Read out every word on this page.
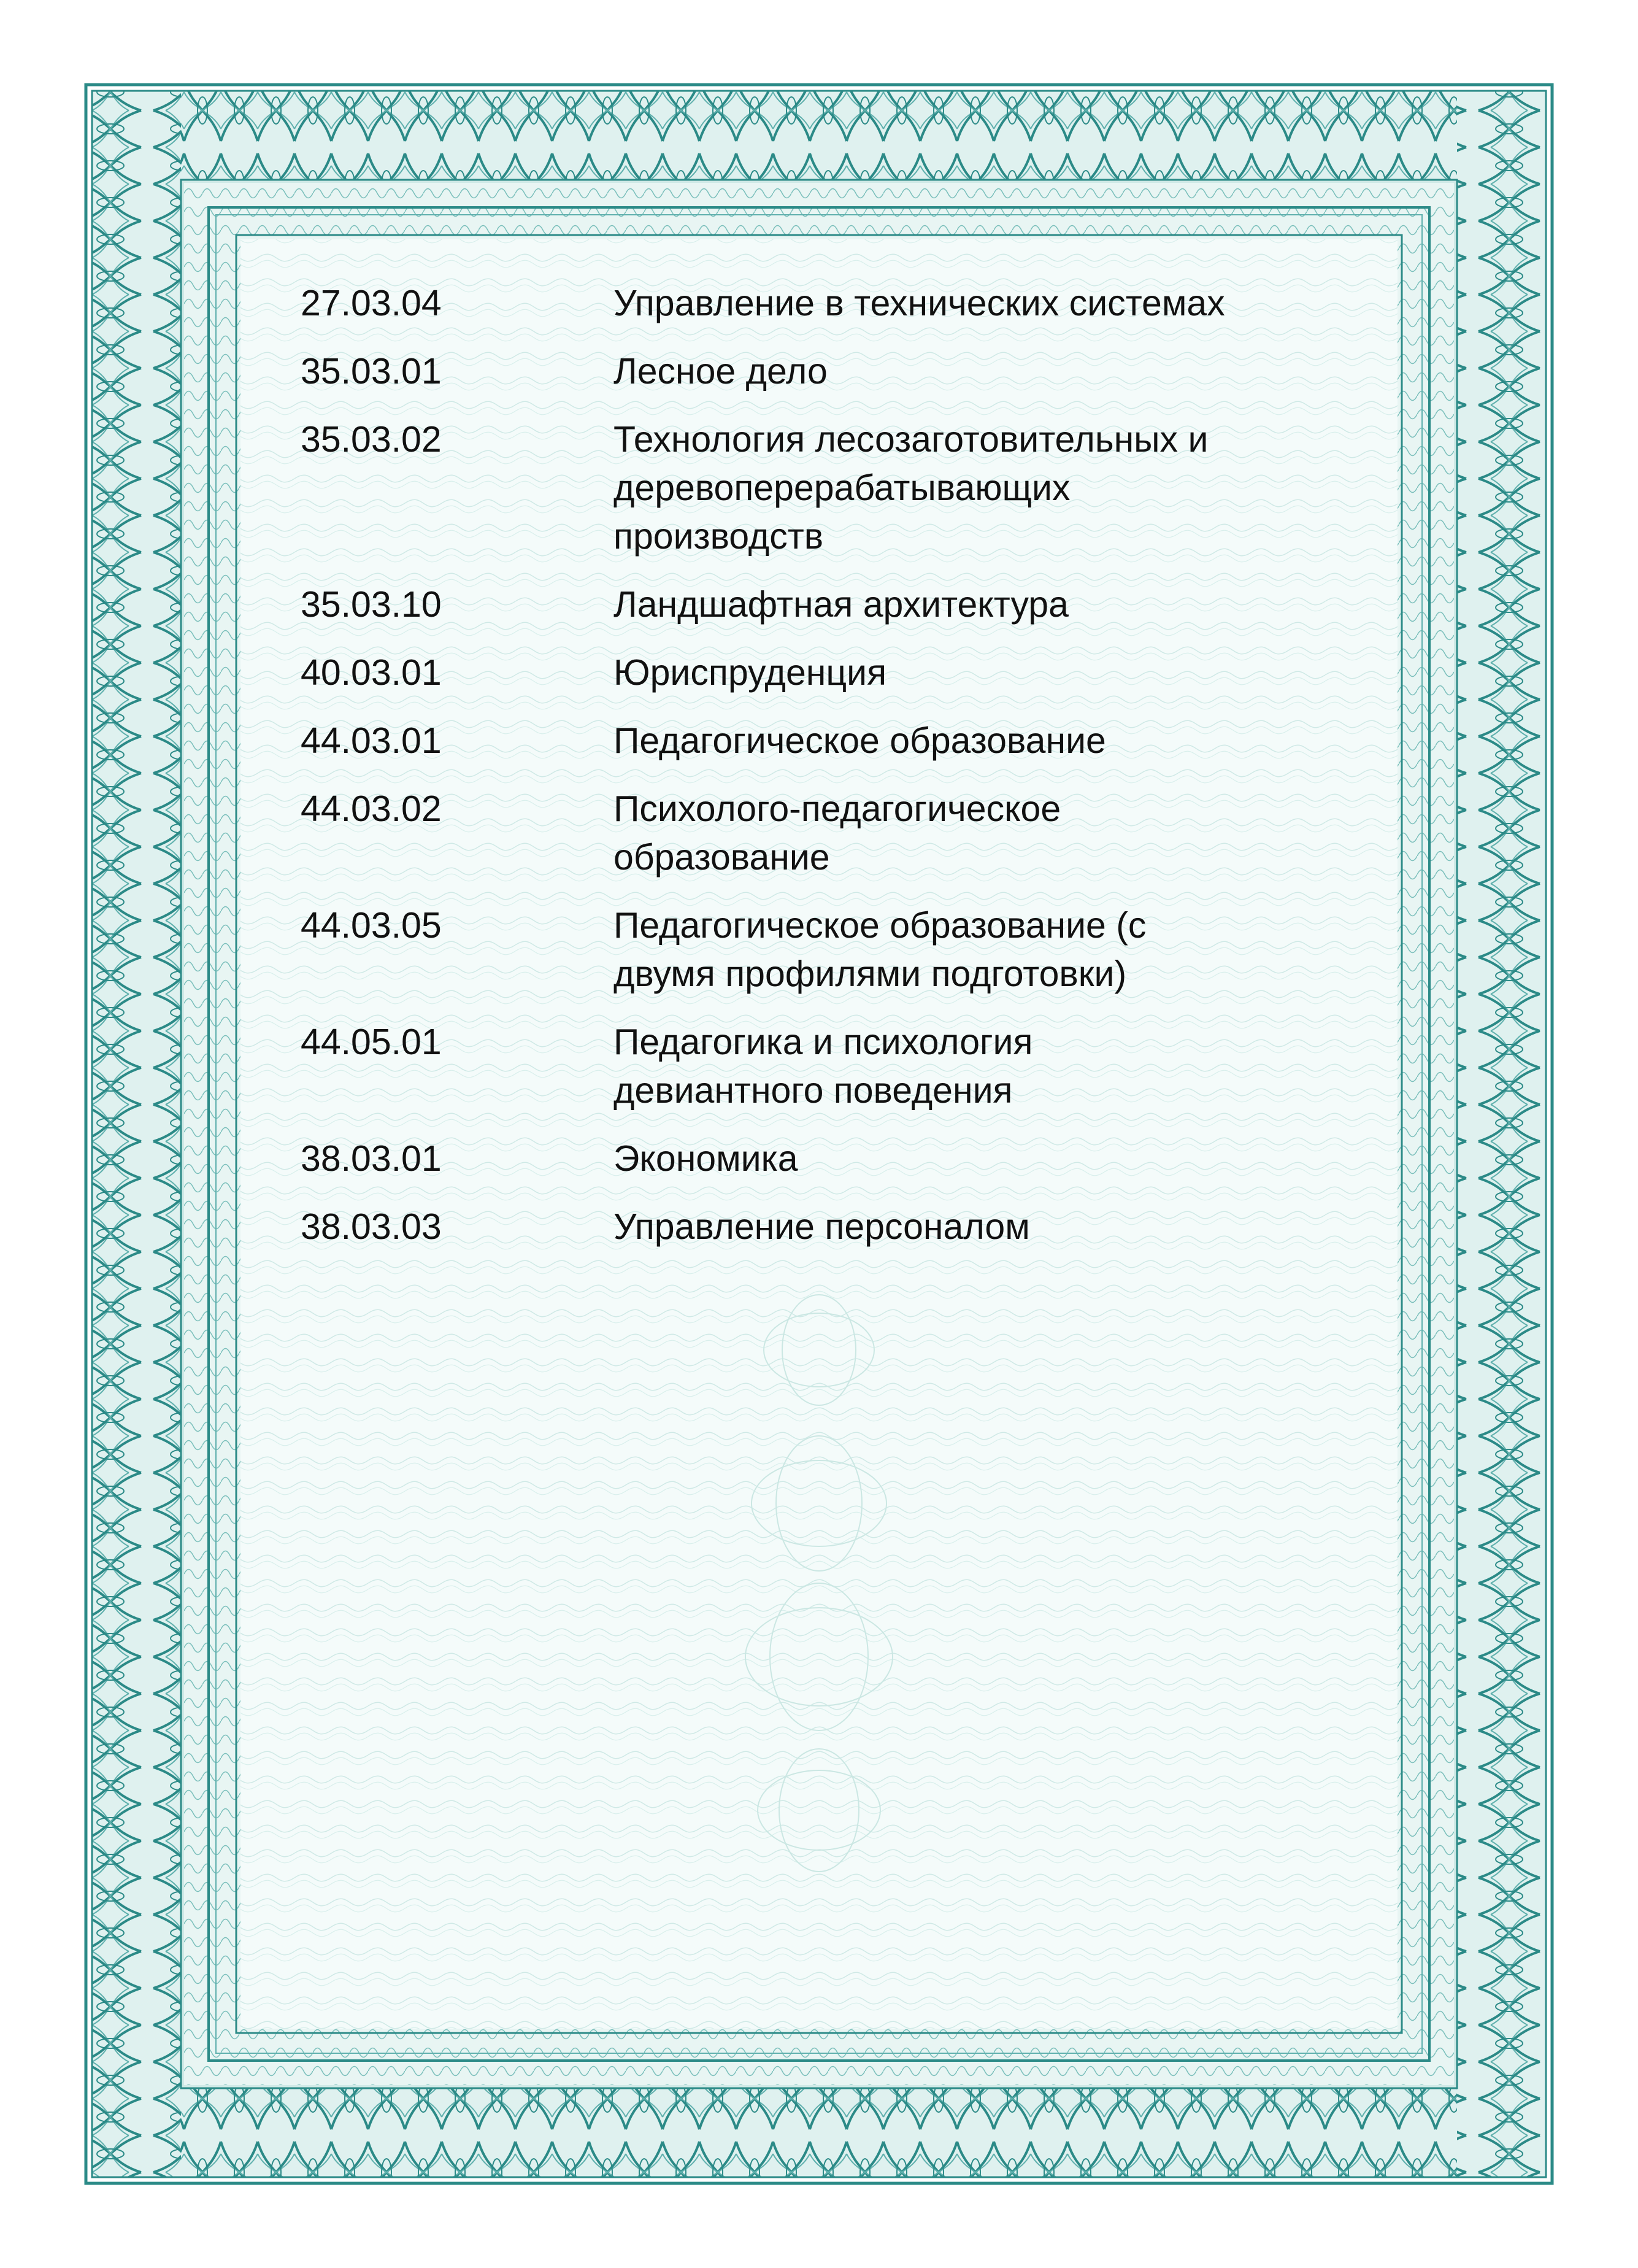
27.03.04	Управление в технических системах
35.03.01	Лесное дело
35.03.02	Технология лесозаготовительных и
деревоперерабатывающих
производств
35.03.10	Ландшафтная архитектура
40.03.01	Юриспруденция
44.03.01	Педагогическое образование
44.03.02	Психолого-педагогическое
образование
44.03.05	Педагогическое образование (с
двумя профилями подготовки)
44.05.01	Педагогика и психология
девиантного поведения
38.03.01	Экономика
38.03.03	Управление персоналом
